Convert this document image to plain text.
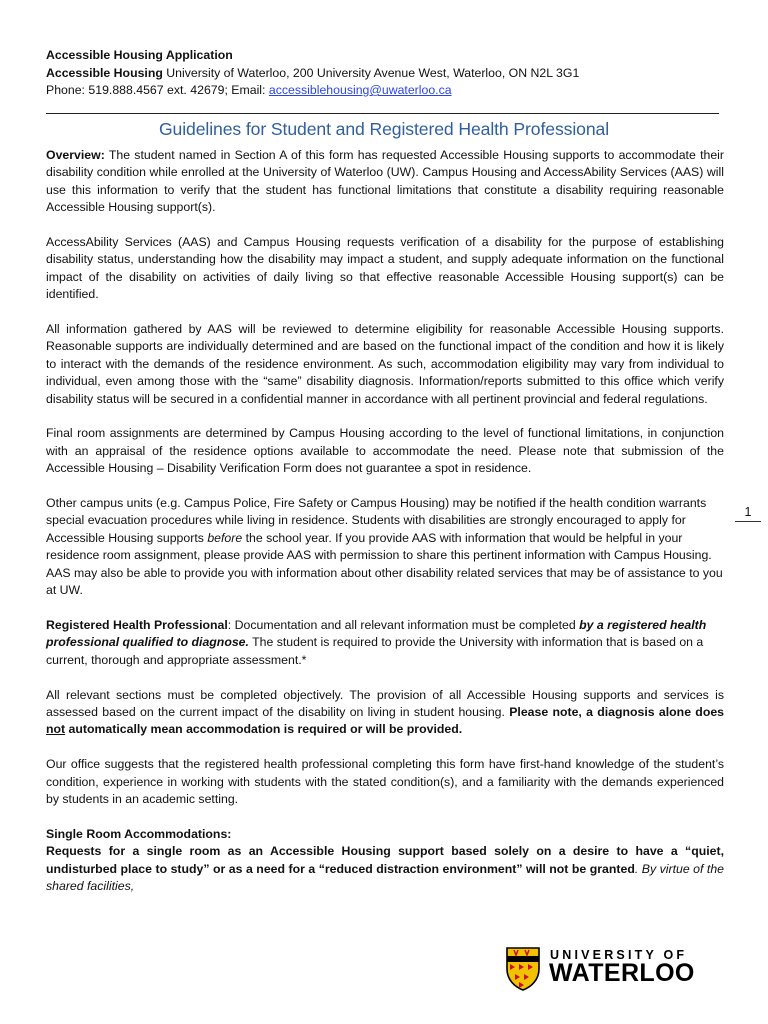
Accessible Housing Application
Accessible Housing University of Waterloo, 200 University Avenue West, Waterloo, ON N2L 3G1
Phone: 519.888.4567 ext. 42679; Email: accessiblehousing@uwaterloo.ca
Guidelines for Student and Registered Health Professional

Overview: The student named in Section A of this form has requested Accessible Housing supports to accommodate their disability condition while enrolled at the University of Waterloo (UW). Campus Housing and AccessAbility Services (AAS) will use this information to verify that the student has functional limitations that constitute a disability requiring reasonable Accessible Housing support(s).

AccessAbility Services (AAS) and Campus Housing requests verification of a disability for the purpose of establishing disability status, understanding how the disability may impact a student, and supply adequate information on the functional impact of the disability on activities of daily living so that effective reasonable Accessible Housing support(s) can be identified.

All information gathered by AAS will be reviewed to determine eligibility for reasonable Accessible Housing supports. Reasonable supports are individually determined and are based on the functional impact of the condition and how it is likely to interact with the demands of the residence environment. As such, accommodation eligibility may vary from individual to individual, even among those with the “same” disability diagnosis. Information/reports submitted to this office which verify disability status will be secured in a confidential manner in accordance with all pertinent provincial and federal regulations.

Final room assignments are determined by Campus Housing according to the level of functional limitations, in conjunction with an appraisal of the residence options available to accommodate the need. Please note that submission of the Accessible Housing – Disability Verification Form does not guarantee a spot in residence.

Other campus units (e.g. Campus Police, Fire Safety or Campus Housing) may be notified if the health condition warrants special evacuation procedures while living in residence. Students with disabilities are strongly encouraged to apply for Accessible Housing supports before the school year. If you provide AAS with information that would be helpful in your residence room assignment, please provide AAS with permission to share this pertinent information with Campus Housing. AAS may also be able to provide you with information about other disability related services that may be of assistance to you at UW.

Registered Health Professional: Documentation and all relevant information must be completed by a registered health professional qualified to diagnose. The student is required to provide the University with information that is based on a current, thorough and appropriate assessment.*

All relevant sections must be completed objectively. The provision of all Accessible Housing supports and services is assessed based on the current impact of the disability on living in student housing. Please note, a diagnosis alone does not automatically mean accommodation is required or will be provided.

Our office suggests that the registered health professional completing this form have first-hand knowledge of the student’s condition, experience in working with students with the stated condition(s), and a familiarity with the demands experienced by students in an academic setting.

Single Room Accommodations:
Requests for a single room as an Accessible Housing support based solely on a desire to have a “quiet, undisturbed place to study” or as a need for a “reduced distraction environment” will not be granted. By virtue of the shared facilities,
1
UNIVERSITY OF
WATERLOO
